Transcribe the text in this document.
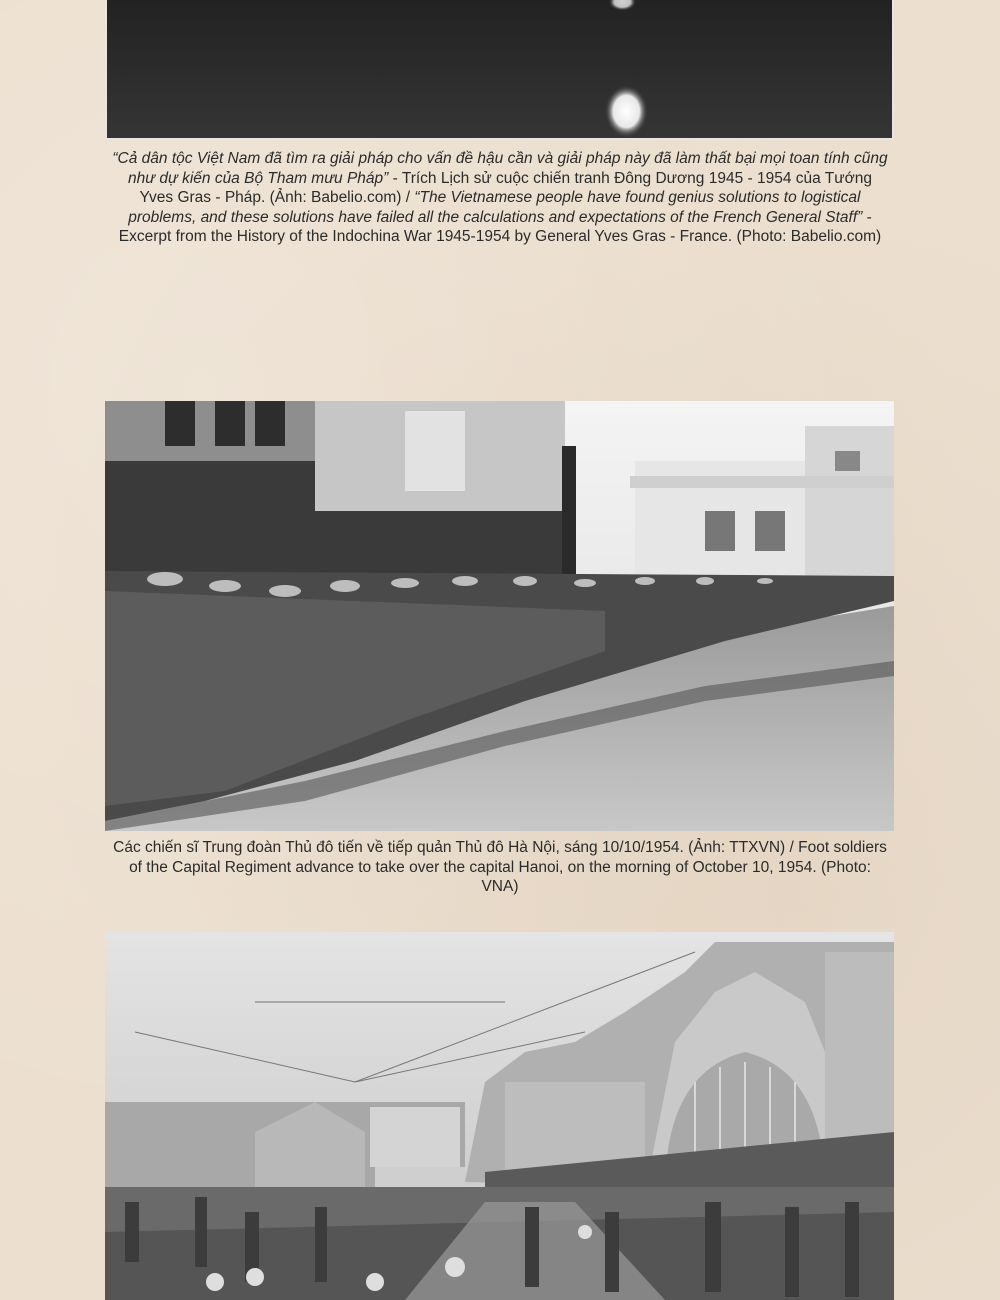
“Cả dân tộc Việt Nam đã tìm ra giải pháp cho vấn đề hậu cần và giải pháp này đã làm thất bại mọi toan tính cũng như dự kiến của Bộ Tham mưu Pháp” - Trích Lịch sử cuộc chiến tranh Đông Dương 1945 - 1954 của Tướng Yves Gras - Pháp. (Ảnh: Babelio.com) / “The Vietnamese people have found genius solutions to logistical problems, and these solutions have failed all the calculations and expectations of the French General Staff” - Excerpt from the History of the Indochina War 1945-1954 by General Yves Gras - France. (Photo: Babelio.com)
Các chiến sĩ Trung đoàn Thủ đô tiến về tiếp quản Thủ đô Hà Nội, sáng 10/10/1954. (Ảnh: TTXVN) / Foot soldiers of the Capital Regiment advance to take over the capital Hanoi, on the morning of October 10, 1954. (Photo: VNA)
